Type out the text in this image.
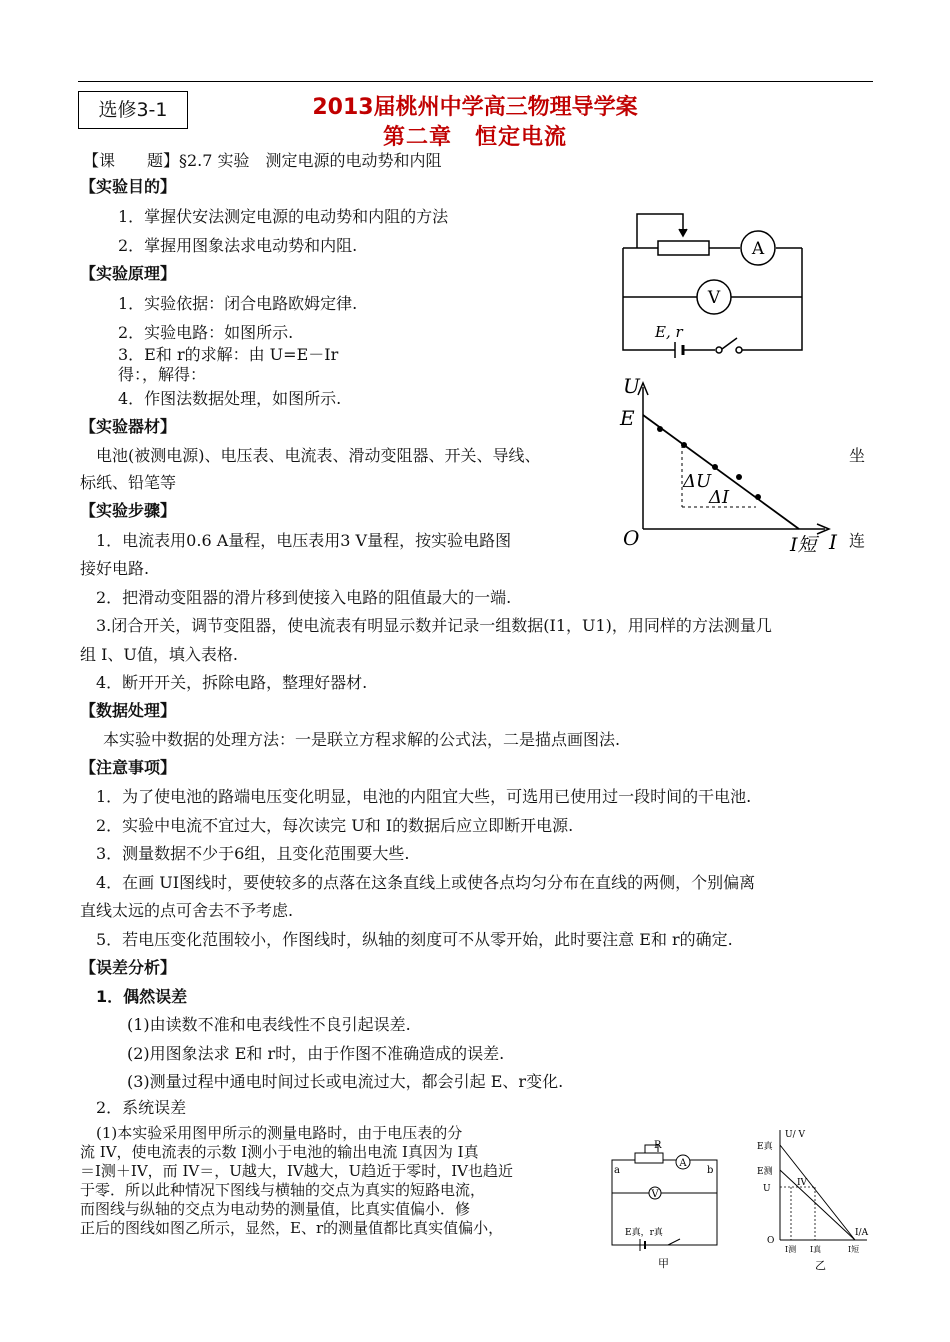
选修3-1	2013届桃州中学高三物理导学案
第二章　恒定电流
【课　　题】§2.7 实验　测定电源的电动势和内阻
【实验目的】
1．掌握伏安法测定电源的电动势和内阻的方法
2．掌握用图象法求电动势和内阻.
【实验原理】
1．实验依据：闭合电路欧姆定律.
2．实验电路：如图所示.
3．E和 r的求解：由 U=E－Ir
得：，解得：
4．作图法数据处理，如图所示.
【实验器材】
电池(被测电源)、电压表、电流表、滑动变阻器、开关、导线、	坐
标纸、铅笔等
【实验步骤】
1．电流表用0.6 A量程，电压表用3 V量程，按实验电路图	连
接好电路.
2．把滑动变阻器的滑片移到使接入电路的阻值最大的一端.
3.闭合开关，调节变阻器，使电流表有明显示数并记录一组数据(I1，U1)，用同样的方法测量几
组 I、U值，填入表格.
4．断开开关，拆除电路，整理好器材.
【数据处理】
本实验中数据的处理方法：一是联立方程求解的公式法，二是描点画图法.
【注意事项】
1．为了使电池的路端电压变化明显，电池的内阻宜大些，可选用已使用过一段时间的干电池.
2．实验中电流不宜过大，每次读完 U和 I的数据后应立即断开电源.
3．测量数据不少于6组，且变化范围要大些.
4．在画 UI图线时，要使较多的点落在这条直线上或使各点均匀分布在直线的两侧，个别偏离
直线太远的点可舍去不予考虑.
5．若电压变化范围较小，作图线时，纵轴的刻度可不从零开始，此时要注意 E和 r的确定.
【误差分析】
1．偶然误差
(1)由读数不准和电表线性不良引起误差.
(2)用图象法求 E和 r时，由于作图不准确造成的误差.
(3)测量过程中通电时间过长或电流过大，都会引起 E、r变化.
2．系统误差
(1)本实验采用图甲所示的测量电路时，由于电压表的分
流 IV，使电流表的示数 I测小于电池的输出电流 I真因为 I真
＝I测＋IV，而 IV＝，U越大，IV越大，U趋近于零时，IV也趋近
于零．所以此种情况下图线与横轴的交点为真实的短路电流，
而图线与纵轴的交点为电动势的测量值，比真实值偏小．修
正后的图线如图乙所示，显然，E、r的测量值都比真实值偏小，
A
V
E, r
U
E
O
ΔU
ΔI
I短 I
A
V
R
a	b
E真，r真
甲
U/ V
E真
E测
U
IV
O
I测 I真	I短
I/A
乙
